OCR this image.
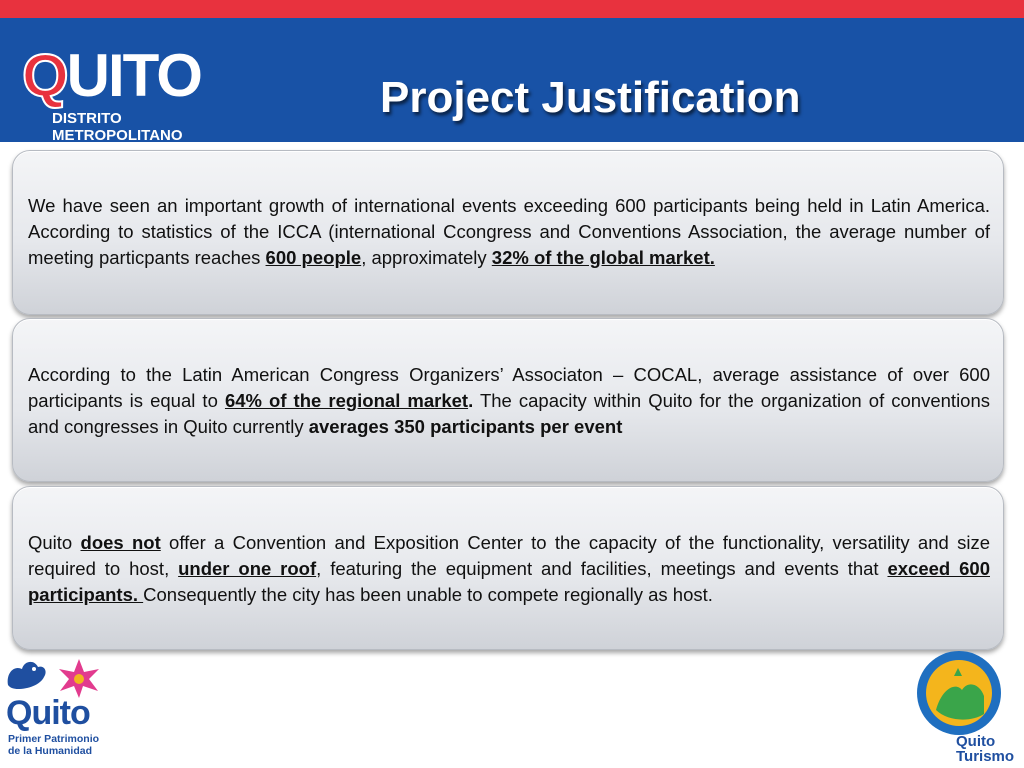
QUITO
DISTRITO
METROPOLITANO
Project Justification
We have seen an important growth of international events exceeding 600 participants being held in Latin America. According to statistics of the ICCA (international Ccongress and Conventions Association, the average number of meeting particpants reaches 600 people, approximately 32% of the global market.
According to the Latin American Congress Organizers’ Associaton – COCAL, average assistance of over 600 participants is equal to 64% of the regional market. The capacity within Quito for the organization of conventions and congresses in Quito currently averages 350 participants per event
Quito does not offer a Convention and Exposition Center to the capacity of the functionality, versatility and size required to host, under one roof, featuring the equipment and facilities, meetings and events that exceed 600 participants. Consequently the city has been unable to compete regionally as host.
Quito
Primer Patrimonio
de la Humanidad
Quito
Turismo
